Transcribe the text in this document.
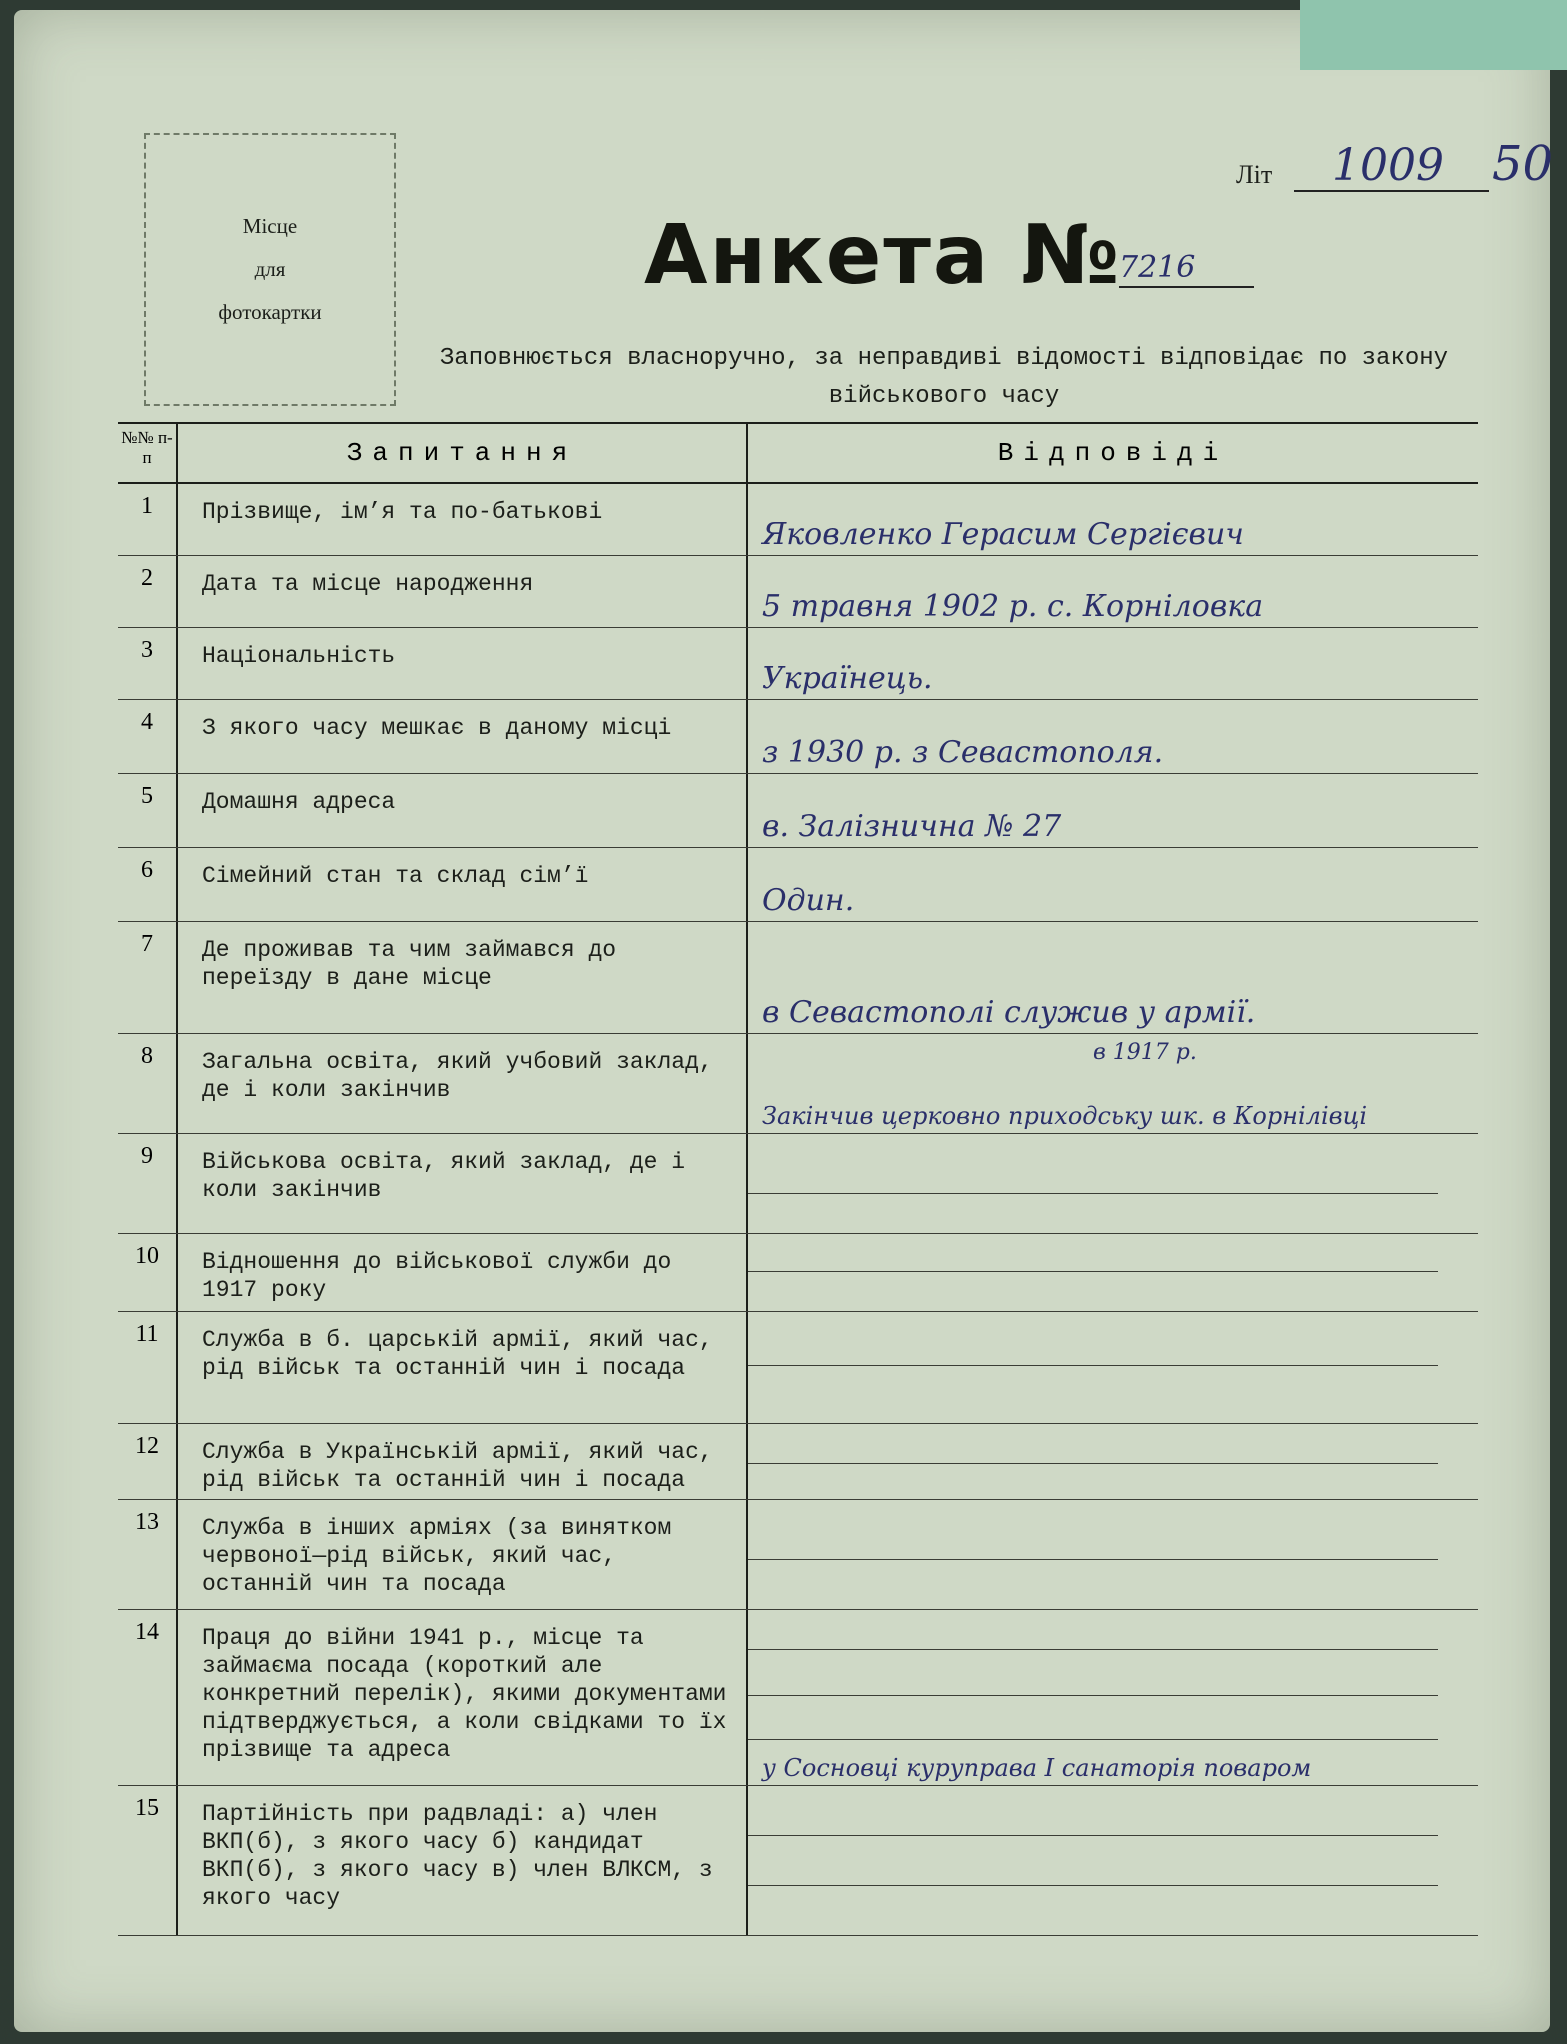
Місце
для
фотокартки
Літ 1009 50
Анкета №
7216
Заповнюється власноручно, за неправдиві відомості відповідає по закону військового часу
№№ п-п	Запитання	Відповіді
1	Прізвище, ім’я та по-батькові
Яковленко Герасим Сергієвич
2	Дата та місце народження
5 травня 1902 р. с. Корніловка
3	Національність
Українець.
4	З якого часу мешкає в даному місці
з 1930 р. з Севастополя.
5	Домашня адреса
в. Залізнична № 27
6	Сімейний стан та склад сім’ї
Один.
7	Де проживав та чим займався до переїзду в дане місце
в Севастополі служив у армії.
8	Загальна освіта, який учбовий заклад, де і коли закінчив
в 1917 р.
Закінчив церковно приходську шк. в Корнілівці
9	Військова освіта, який заклад, де і коли закінчив
10	Відношення до військової служби до 1917 року
11	Служба в б. царській армії, який час, рід військ та останній чин і посада
12	Служба в Українській армії, який час, рід військ та останній чин і посада
13	Служба в інших арміях (за винятком червоної—рід військ, який час, останній чин та посада
14	Праця до війни 1941 р., місце та займаєма посада (короткий але конкретний перелік), якими документами підтверджується, а коли свідками то їх прізвище та адреса
у Сосновці куруправа І санаторія поваром
15	Партійність при радвладі: а) член ВКП(б), з якого часу б) кандидат ВКП(б), з якого часу в) член ВЛКСМ, з якого часу
